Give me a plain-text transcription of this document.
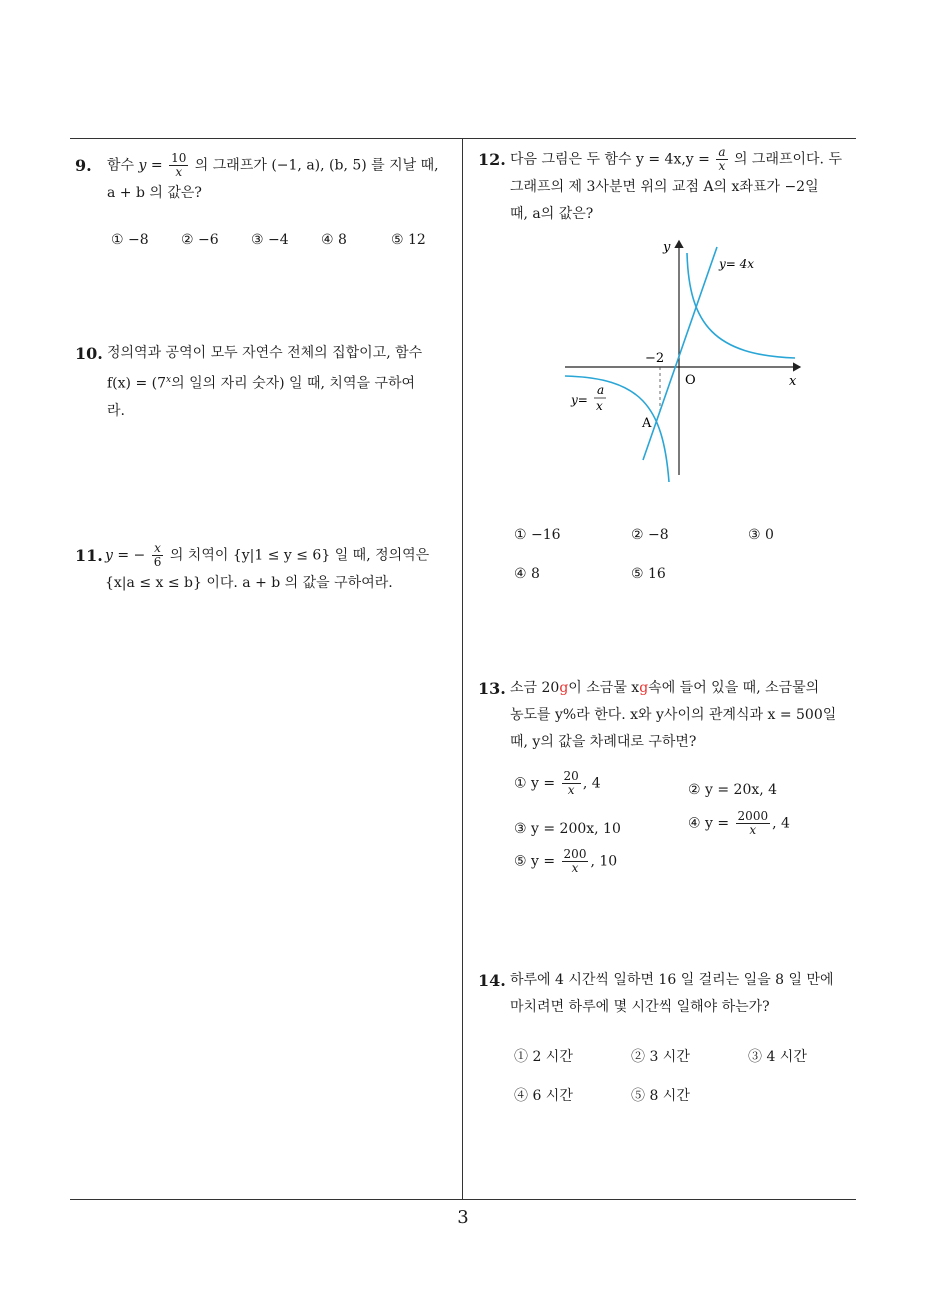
9. 함수 $y = \frac{10}{x}$ 의 그래프가 (−1, a), (b, 5) 를 지날 때,
a + b 의 값은?
① −8 ② −6 ③ −4 ④ 8	⑤ 12
10. 정의역과 공역이 모두 자연수 전체의 집합이고, 함수
$f(x) = (7^x$의 일의 자리 숫자) 일 때, 치역을 구하여
라.
11. y = − $\frac{x}{6}$ 의 치역이 {y|1 ≤ y ≤ 6} 일 때, 정의역은
{x|a ≤ x ≤ b} 이다. a + b 의 값을 구하여라.
12. 다음 그림은 두 함수 $y = 4x,y = \frac{a}{x}$ 의 그래프이다. 두
그래프의 제 3사분면 위의 교점 A의 x좌표가 −2일
때, a의 값은?
y
x
O
−2
y= 4x
y=
a
x
A
① −16	② −8	③ 0
④ 8	⑤ 16
13. 소금 20g이 소금물 xg속에 들어 있을 때, 소금물의
농도를 y%라 한다. x와 y사이의 관계식과 x = 500일
때, y의 값을 차례대로 구하면?
① $y = \frac{20}{x}$ , 4	② y = 20x, 4
③ y = 200x, 10	④ $y = \frac{2000}{x}$ , 4
⑤ $y = \frac{200}{x}$ , 10
14. 하루에 4 시간씩 일하면 16 일 걸리는 일을 8 일 만에
마치려면 하루에 몇 시간씩 일해야 하는가?
① 2 시간	② 3 시간	③ 4 시간
④ 6 시간	⑤ 8 시간
3
